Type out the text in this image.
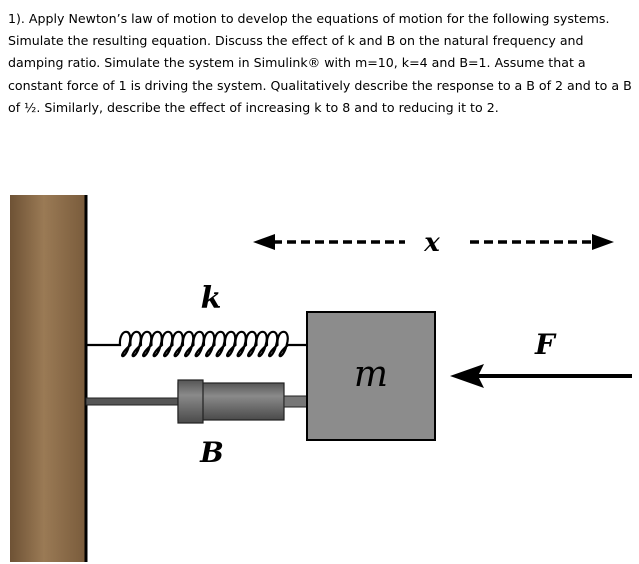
1). Apply Newton’s law of motion to develop the equations of motion for the following systems. Simulate the resulting equation. Discuss the effect of k and B on the natural frequency and damping ratio. Simulate the system in Simulink® with m=10, k=4 and B=1. Assume that a constant force of 1 is driving the system. Qualitatively describe the response to a B of 2 and to a B of ½. Similarly, describe the effect of increasing k to 8 and to reducing it to 2.

x
k
B
m
F
